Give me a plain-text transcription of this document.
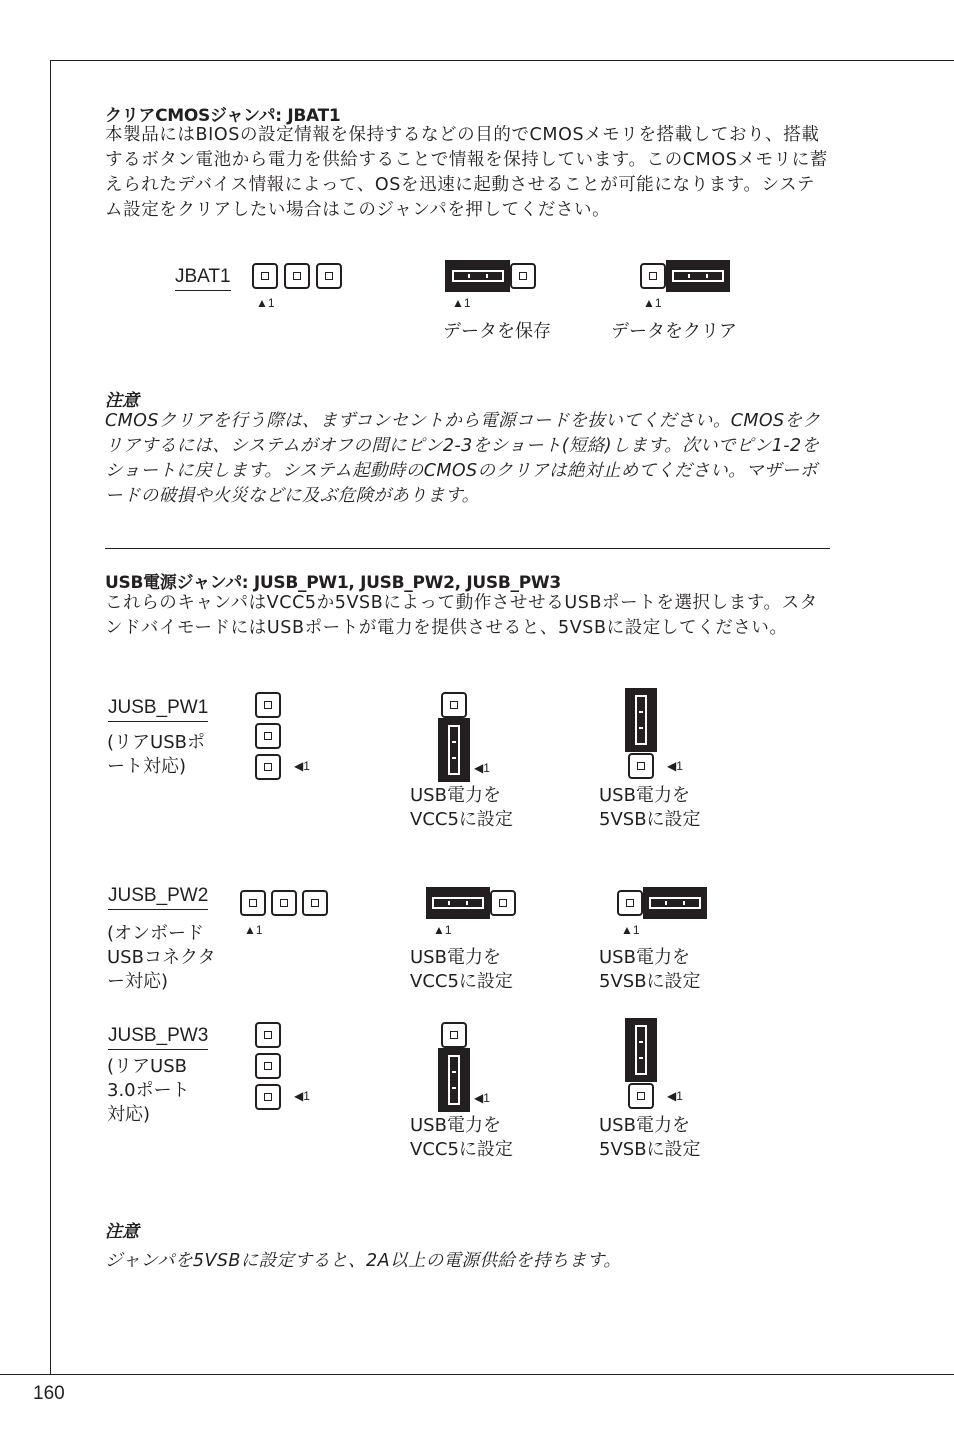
160
クリアCMOSジャンパ: JBAT1
本製品にはBIOSの設定情報を保持するなどの目的でCMOSメモリを搭載しており、搭載するボタン電池から電力を供給することで情報を保持しています。このCMOSメモリに蓄えられたデバイス情報によって、OSを迅速に起動させることが可能になります。システム設定をクリアしたい場合はこのジャンパを押してください。
JBAT1
▲1	▲1
データを保存
▲1
データをクリア
注意
CMOSクリアを行う際は、まずコンセントから電源コードを抜いてください。CMOSをクリアするには、システムがオフの間にピン2-3をショート(短絡)します。次いでピン1-2をショートに戻します。システム起動時のCMOSのクリアは絶対止めてください。マザーボードの破損や火災などに及ぶ危険があります。
USB電源ジャンパ: JUSB_PW1, JUSB_PW2, JUSB_PW3
これらのキャンパはVCC5か5VSBによって動作させせるUSBポートを選択します。スタンドバイモードにはUSBポートが電力を提供させると、5VSBに設定してください。
JUSB_PW1
(リアUSBポート対応)	◀1	◀1
USB電力を
VCC5に設定
◀1
USB電力を
5VSBに設定
JUSB_PW2
(オンボードUSBコネクター対応)
▲1	▲1
USB電力を
VCC5に設定
▲1
USB電力を
5VSBに設定
JUSB_PW3
(リアUSB
3.0ポート
対応)
◀1	◀1
USB電力を
VCC5に設定
◀1
USB電力を
5VSBに設定
注意
ジャンパを5VSBに設定すると、2A以上の電源供給を持ちます。
